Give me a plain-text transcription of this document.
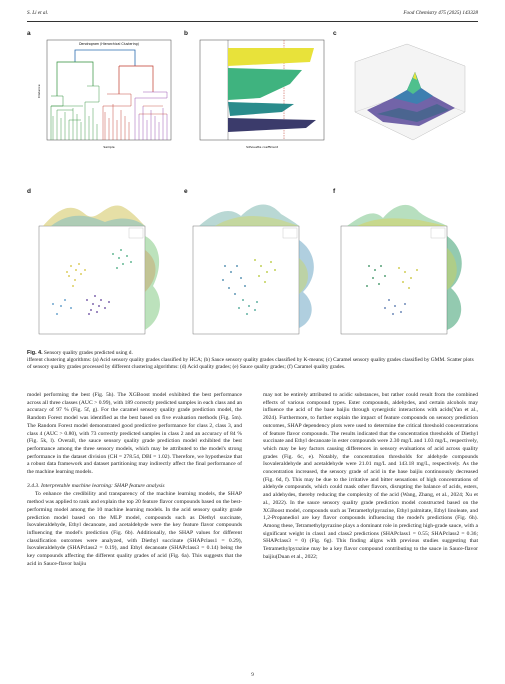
S. Li et al.	Food Chemistry 475 (2025) 143328
a	b	c
d	e	f
Dendrogram (Hierarchical Clustering)
Sample
Distance
Silhouette coefficient
Fig. 4. Sensory quality grades predicted using d.
ifferent clustering algorithms: (a) Acid sensory quality grades classified by HCA; (b) Sauce sensory quality grades classified by K-means; (c) Caramel sensory quality grades classified by GMM. Scatter plots of sensory quality grades processed by different clustering algorithms: (d) Acid quality grades; (e) Sauce quality grades; (f) Caramel quality grades.

model performing the best (Fig. 5h). The XGBoost model exhibited the best performance across all three classes (AUC > 0.99), with 189 correctly predicted samples in each class and an accuracy of 97 % (Fig. 5f, g). For the caramel sensory quality grade prediction model, the Random Forest model was identified as the best based on five evaluation methods (Fig. 5m). The Random Forest model demonstrated good predictive performance for class 2, class 3, and class 4 (AUC > 0.80), with 73 correctly predicted samples in class 2 and an accuracy of 84 % (Fig. 5k, l). Overall, the sauce sensory quality grade prediction model exhibited the best performance among the three sensory models, which may be attributed to the model's strong performance in the dataset division (CH = 278.54, DBI = 1.02). Therefore, we hypothesize that a robust data framework and dataset partitioning may indirectly affect the final performance of the machine learning models.

3.4.3. Interpretable machine learning: SHAP feature analysis

To enhance the credibility and transparency of the machine learning models, the SHAP method was applied to rank and explain the top 20 feature flavor compounds based on the best-performing model among the 10 machine learning models. In the acid sensory quality grade prediction model based on the MLP model, compounds such as Diethyl succinate, Isovaleraldehyde, Ethyl decanoate, and acetaldehyde were the key feature flavor compounds influencing the model's prediction (Fig. 6b). Additionally, the SHAP values for different classification outcomes were analyzed, with Diethyl succinate (SHAPclass1 = 0.29), Isovaleraldehyde (SHAPclass2 = 0.19), and Ethyl decanoate (SHAPclass3 = 0.14) being the key compounds affecting the different quality grades of acid (Fig. 6a). This suggests that the acid in Sauce-flavor baijiu

may not be entirely attributed to acidic substances, but rather could result from the combined effects of various compound types. Ester compounds, aldehydes, and certain alcohols may influence the acid of the base baijiu through synergistic interactions with acids(Yan et al., 2024). Furthermore, to further explain the impact of feature compounds on sensory prediction outcomes, SHAP dependency plots were used to determine the critical threshold concentrations of feature flavor compounds. The results indicated that the concentration thresholds of Diethyl succinate and Ethyl decanoate in ester compounds were 2.30 mg/L and 1.03 mg/L, respectively, which may be key factors causing differences in sensory evaluations of acid across quality grades (Fig. 6c, e). Notably, the concentration thresholds for aldehyde compounds Isovaleraldehyde and acetaldehyde were 21.01 mg/L and 143.18 mg/L, respectively. As the concentration increased, the sensory grade of acid in the base baijiu continuously decreased (Fig. 6d, f). This may be due to the irritative and bitter sensations of high concentrations of aldehyde compounds, which could mask other flavors, disrupting the balance of acids, esters, and aldehydes, thereby reducing the complexity of the acid (Wang, Zhang, et al., 2024; Xu et al., 2022). In the sauce sensory quality grade prediction model constructed based on the XGBoost model, compounds such as Tetramethylpyrazine, Ethyl palmitate, Ethyl linoleate, and 1,2-Propanediol are key flavor compounds influencing the model's predictions (Fig. 6h). Among these, Tetramethylpyrazine plays a dominant role in predicting high-grade sauce, with a significant weight in class1 and class2 predictions (SHAPclass1 = 0.55; SHAPclass2 = 0.36; SHAPclass3 = 0) (Fig. 6g). This finding aligns with previous studies suggesting that Tetramethylpyrazine may be a key flavor compound contributing to the sauce in Sauce-flavor baijiu(Duan et al., 2022;

9
